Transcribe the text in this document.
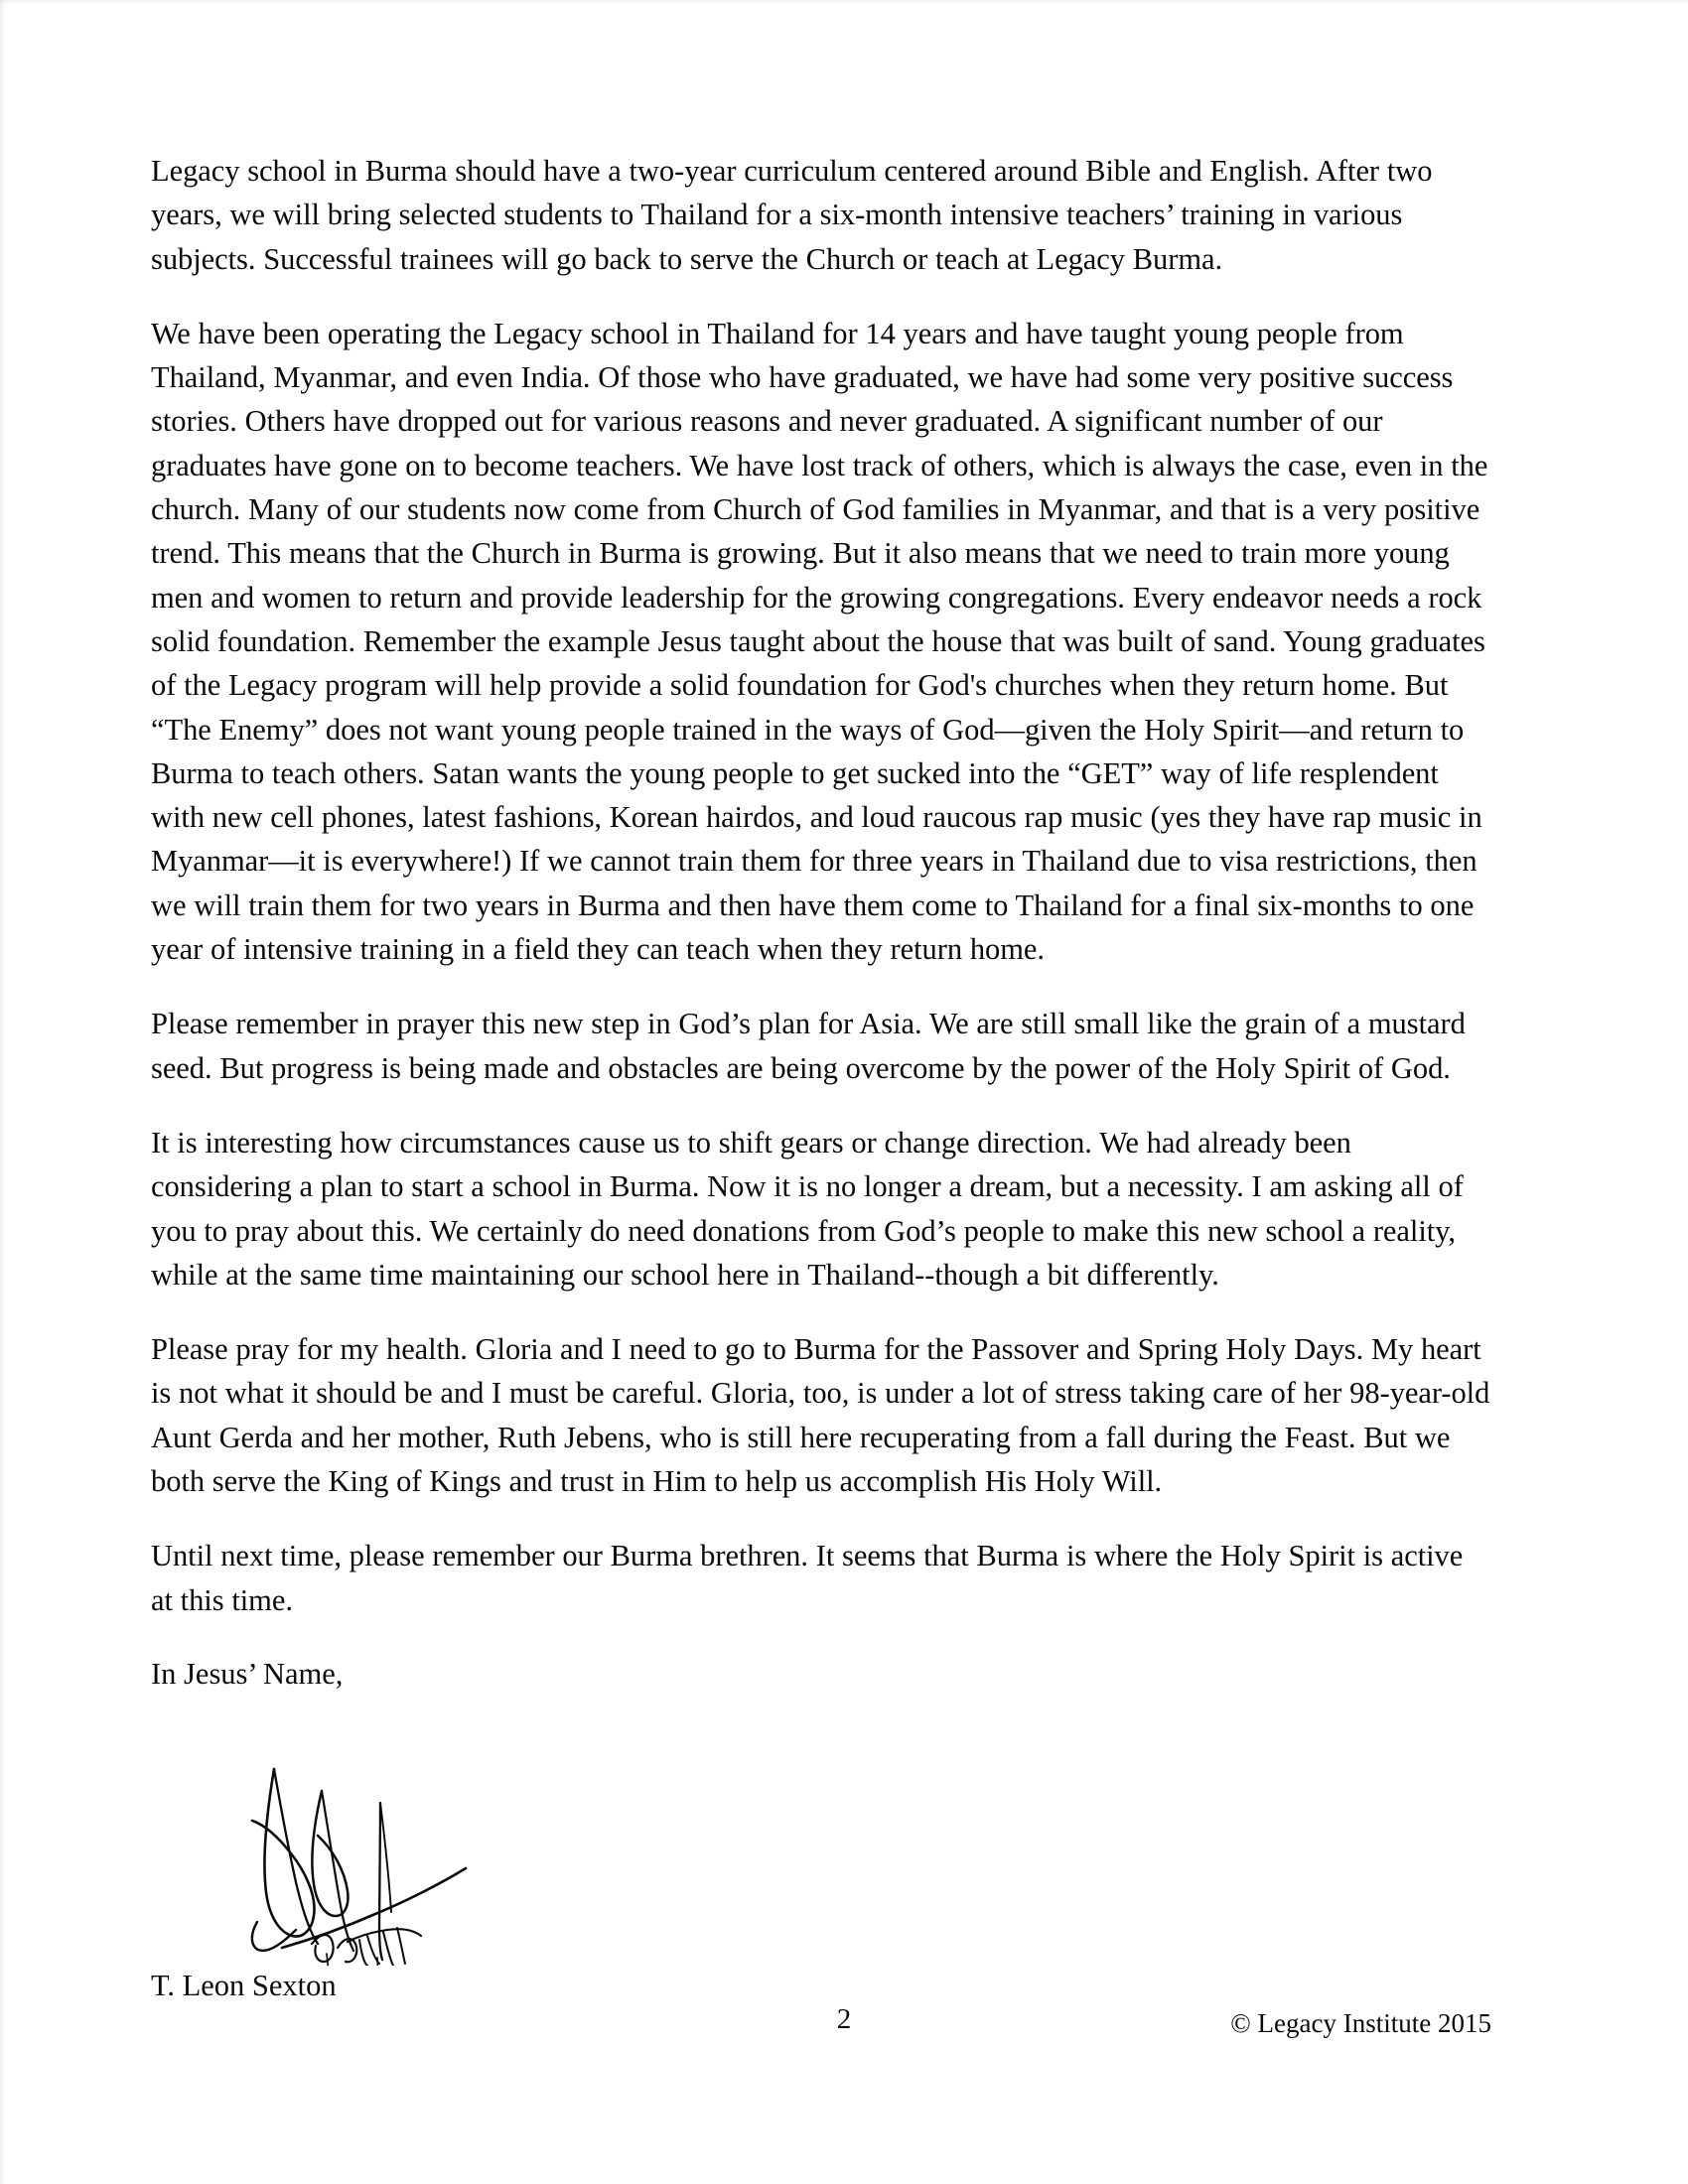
Legacy school in Burma should have a two-year curriculum centered around Bible and English. After two years, we will bring selected students to Thailand for a six-month intensive teachers’ training in various subjects. Successful trainees will go back to serve the Church or teach at Legacy Burma.

We have been operating the Legacy school in Thailand for 14 years and have taught young people from Thailand, Myanmar, and even India. Of those who have graduated, we have had some very positive success stories. Others have dropped out for various reasons and never graduated. A significant number of our graduates have gone on to become teachers. We have lost track of others, which is always the case, even in the church. Many of our students now come from Church of God families in Myanmar, and that is a very positive trend. This means that the Church in Burma is growing. But it also means that we need to train more young men and women to return and provide leadership for the growing congregations. Every endeavor needs a rock solid foundation. Remember the example Jesus taught about the house that was built of sand. Young graduates of the Legacy program will help provide a solid foundation for God's churches when they return home. But “The Enemy” does not want young people trained in the ways of God—given the Holy Spirit—and return to Burma to teach others. Satan wants the young people to get sucked into the “GET” way of life resplendent with new cell phones, latest fashions, Korean hairdos, and loud raucous rap music (yes they have rap music in Myanmar—it is everywhere!) If we cannot train them for three years in Thailand due to visa restrictions, then we will train them for two years in Burma and then have them come to Thailand for a final six-months to one year of intensive training in a field they can teach when they return home.

Please remember in prayer this new step in God’s plan for Asia. We are still small like the grain of a mustard seed. But progress is being made and obstacles are being overcome by the power of the Holy Spirit of God.

It is interesting how circumstances cause us to shift gears or change direction. We had already been considering a plan to start a school in Burma. Now it is no longer a dream, but a necessity. I am asking all of you to pray about this. We certainly do need donations from God’s people to make this new school a reality, while at the same time maintaining our school here in Thailand--though a bit differently.

Please pray for my health. Gloria and I need to go to Burma for the Passover and Spring Holy Days. My heart is not what it should be and I must be careful. Gloria, too, is under a lot of stress taking care of her 98-year-old Aunt Gerda and her mother, Ruth Jebens, who is still here recuperating from a fall during the Feast. But we both serve the King of Kings and trust in Him to help us accomplish His Holy Will.

Until next time, please remember our Burma brethren. It seems that Burma is where the Holy Spirit is active at this time.

In Jesus’ Name,

T. Leon Sexton

© Legacy Institute 2015
2
